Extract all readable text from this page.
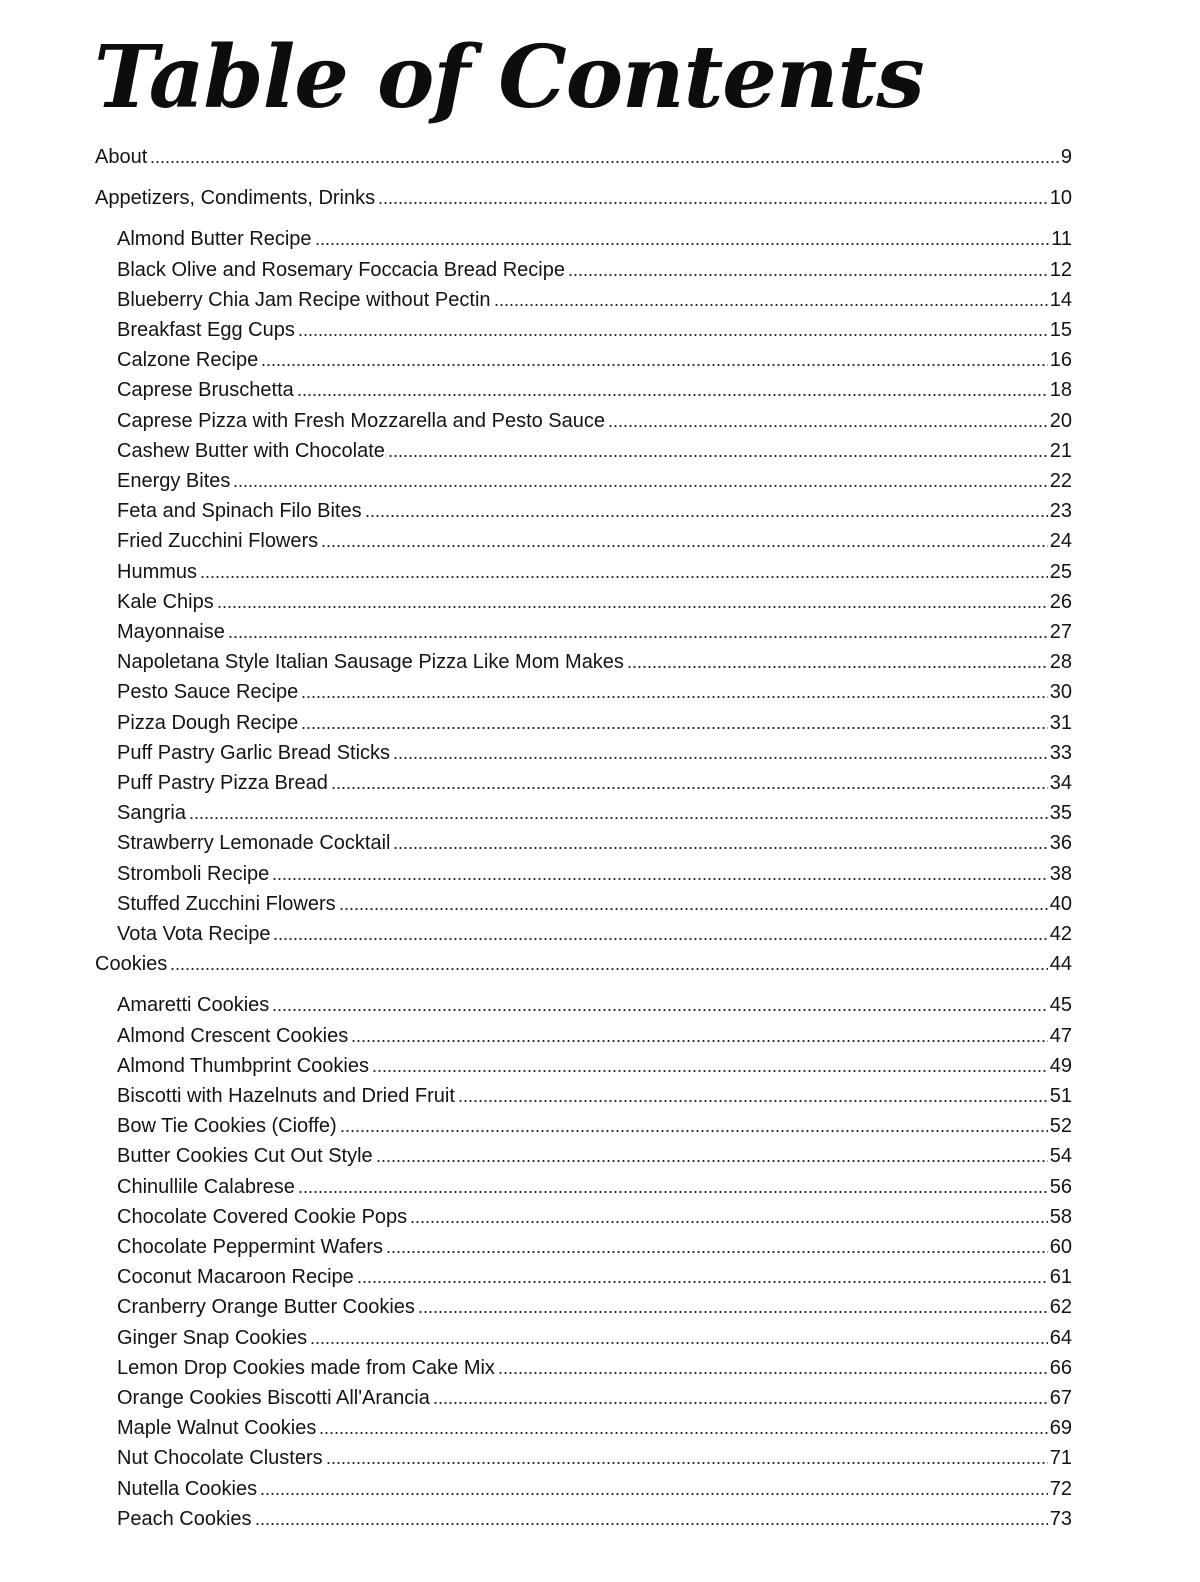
Table of Contents
About	9
Appetizers, Condiments, Drinks	10
Almond Butter Recipe	11
Black Olive and Rosemary Foccacia Bread Recipe	12
Blueberry Chia Jam Recipe without Pectin	14
Breakfast Egg Cups	15
Calzone Recipe	16
Caprese Bruschetta	18
Caprese Pizza with Fresh Mozzarella and Pesto Sauce	20
Cashew Butter with Chocolate	21
Energy Bites	22
Feta and Spinach Filo Bites	23
Fried Zucchini Flowers	24
Hummus	25
Kale Chips	26
Mayonnaise	27
Napoletana Style Italian Sausage Pizza Like Mom Makes	28
Pesto Sauce Recipe	30
Pizza Dough Recipe	31
Puff Pastry Garlic Bread Sticks	33
Puff Pastry Pizza Bread	34
Sangria	35
Strawberry Lemonade Cocktail	36
Stromboli Recipe	38
Stuffed Zucchini Flowers	40
Vota Vota Recipe	42
Cookies	44
Amaretti Cookies	45
Almond Crescent Cookies	47
Almond Thumbprint Cookies	49
Biscotti with Hazelnuts and Dried Fruit	51
Bow Tie Cookies (Cioffe)	52
Butter Cookies Cut Out Style	54
Chinullile Calabrese	56
Chocolate Covered Cookie Pops	58
Chocolate Peppermint Wafers	60
Coconut Macaroon Recipe	61
Cranberry Orange Butter Cookies	62
Ginger Snap Cookies	64
Lemon Drop Cookies made from Cake Mix	66
Orange Cookies Biscotti All'Arancia	67
Maple Walnut Cookies	69
Nut Chocolate Clusters	71
Nutella Cookies	72
Peach Cookies	73
